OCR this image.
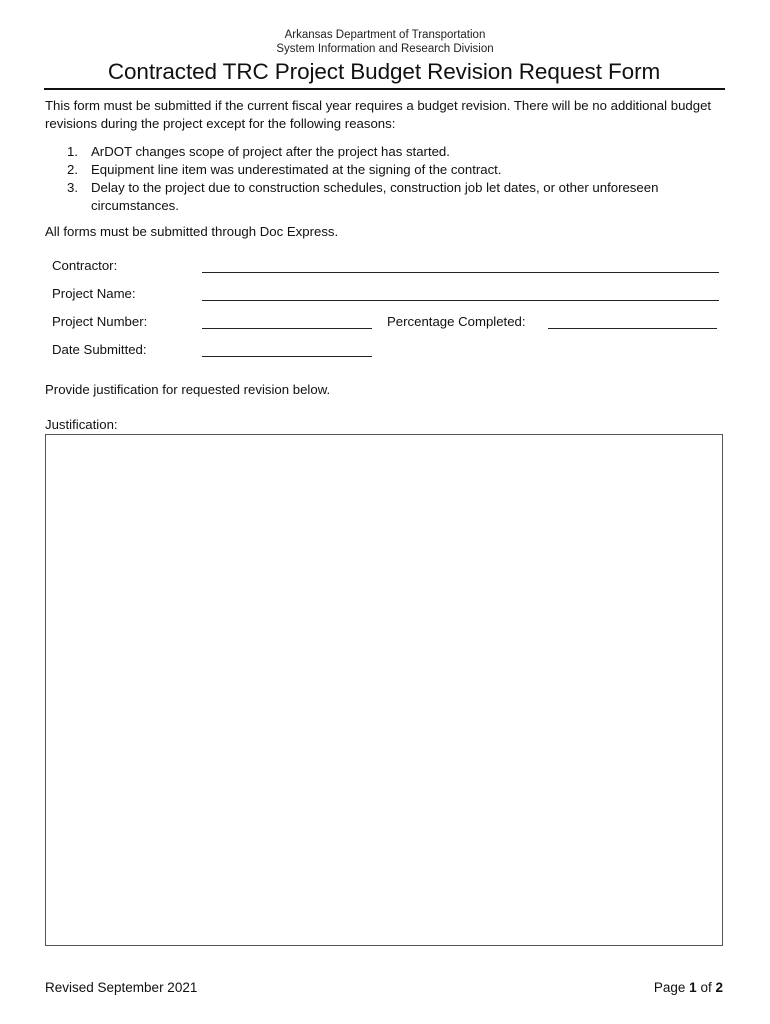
Arkansas Department of Transportation
System Information and Research Division
Contracted TRC Project Budget Revision Request Form
This form must be submitted if the current fiscal year requires a budget revision. There will be no additional budget revisions during the project except for the following reasons:
1. ArDOT changes scope of project after the project has started.
2. Equipment line item was underestimated at the signing of the contract.
3. Delay to the project due to construction schedules, construction job let dates, or other unforeseen circumstances.
All forms must be submitted through Doc Express.
Contractor:
Project Name:
Project Number:	Percentage Completed:
Date Submitted:
Provide justification for requested revision below.
Justification:
Revised September 2021	Page 1 of 2
